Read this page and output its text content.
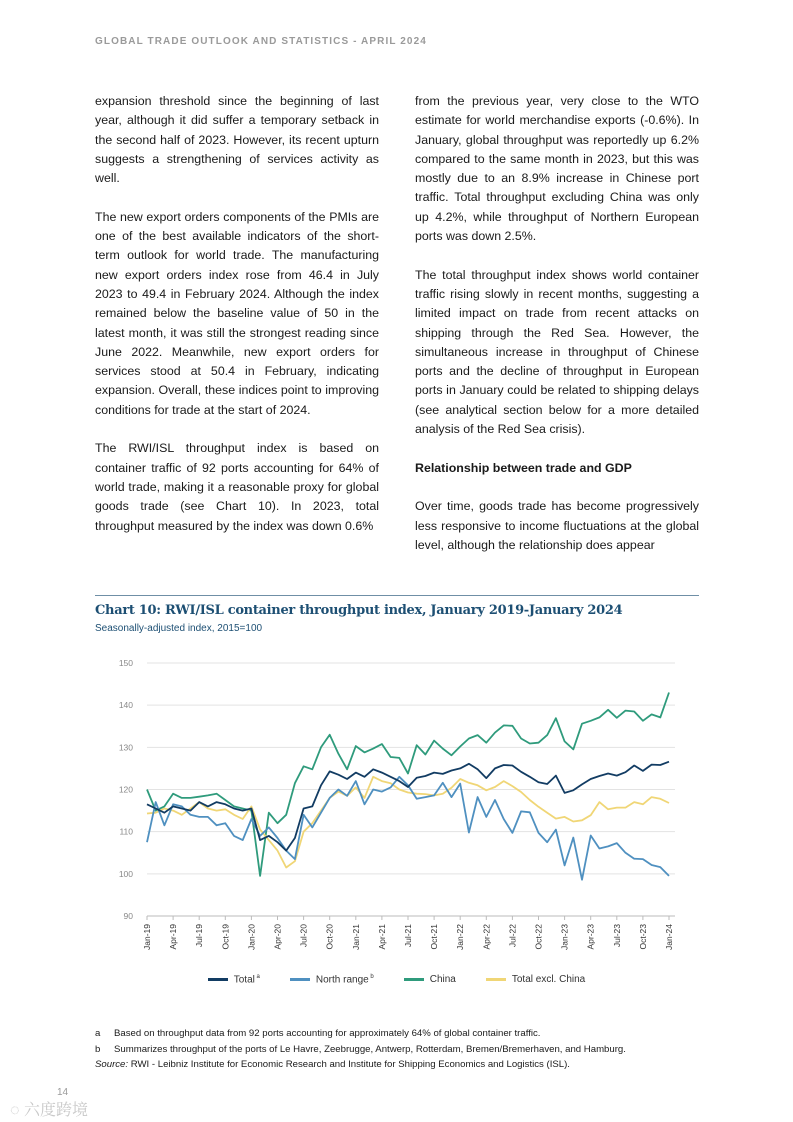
GLOBAL TRADE OUTLOOK AND STATISTICS - APRIL 2024

expansion threshold since the beginning of last year, although it did suffer a temporary setback in the second half of 2023. However, its recent upturn suggests a strengthening of services activity as well.

The new export orders components of the PMIs are one of the best available indicators of the short-term outlook for world trade. The manufacturing new export orders index rose from 46.4 in July 2023 to 49.4 in February 2024. Although the index remained below the baseline value of 50 in the latest month, it was still the strongest reading since June 2022. Meanwhile, new export orders for services stood at 50.4 in February, indicating expansion. Overall, these indices point to improving conditions for trade at the start of 2024.

The RWI/ISL throughput index is based on container traffic of 92 ports accounting for 64% of world trade, making it a reasonable proxy for global goods trade (see Chart 10). In 2023, total throughput measured by the index was down 0.6%

from the previous year, very close to the WTO estimate for world merchandise exports (-0.6%). In January, global throughput was reportedly up 6.2% compared to the same month in 2023, but this was mostly due to an 8.9% increase in Chinese port traffic. Total throughput excluding China was only up 4.2%, while throughput of Northern European ports was down 2.5%.

The total throughput index shows world container traffic rising slowly in recent months, suggesting a limited impact on trade from recent attacks on shipping through the Red Sea. However, the simultaneous increase in throughput of Chinese ports and the decline of throughput in European ports in January could be related to shipping delays (see analytical section below for a more detailed analysis of the Red Sea crisis).

Relationship between trade and GDP

Over time, goods trade has become progressively less responsive to income fluctuations at the global level, although the relationship does appear

Chart 10: RWI/ISL container throughput index, January 2019-January 2024
Seasonally-adjusted index, 2015=100
90
100
110
120
130
140
150
Jan-19 Apr-19 Jul-19 Oct-19 Jan-20 Apr-20 Jul-20 Oct-20 Jan-21 Apr-21 Jul-21 Oct-21 Jan-22 Apr-22 Jul-22 Oct-22 Jan-23 Apr-23 Jul-23 Oct-23 Jan-24
Total $^a$	North range $^b$	China	Total excl. China
a	Based on throughput data from 92 ports accounting for approximately 64% of global container traffic.
b	Summarizes throughput of the ports of Le Havre, Zeebrugge, Antwerp, Rotterdam, Bremen/Bremerhaven, and Hamburg.
Source: RWI - Leibniz Institute for Economic Research and Institute for Shipping Economics and Logistics (ISL).
14
◌ 六度跨境
